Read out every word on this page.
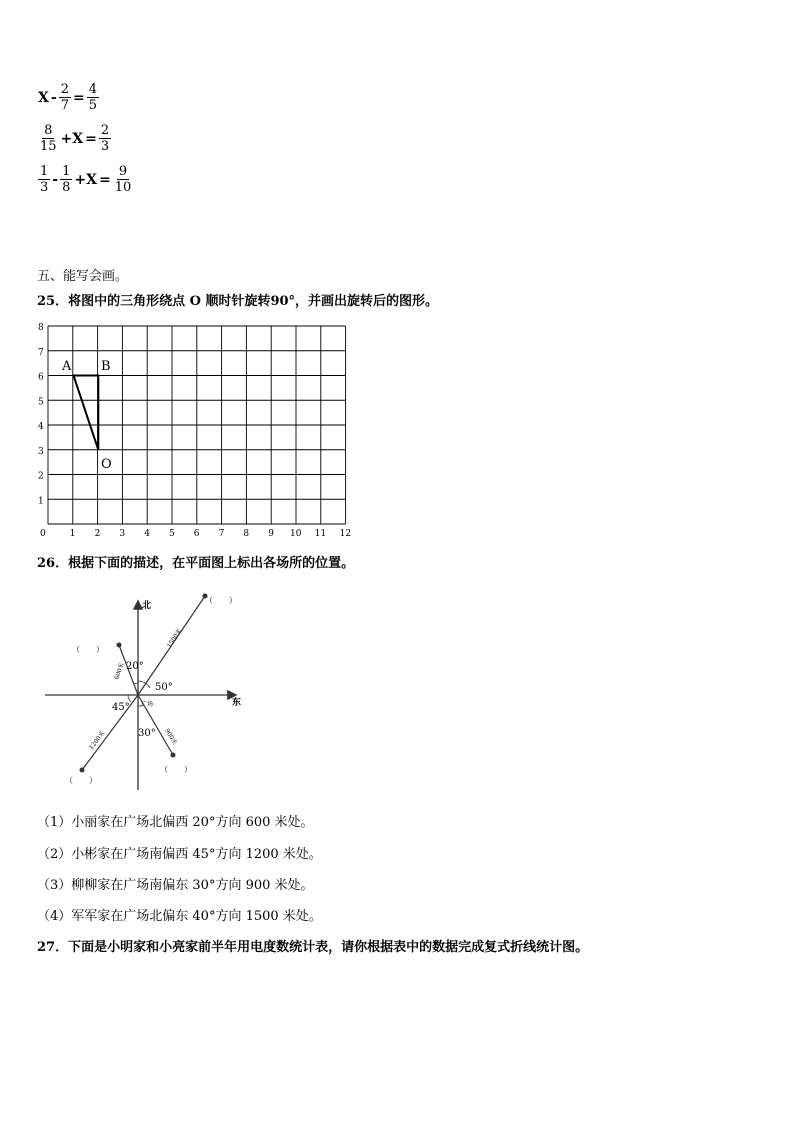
$X - \frac{2}{7} = \frac{4}{5}$
$\frac{8}{15} +X = \frac{2}{3}$
$\frac{1}{3} - \frac{1}{8} +X = \frac{9}{10}$
五、能写会画。
25．将图中的三角形绕点 O 顺时针旋转90°，并画出旋转后的图形。
0	1 2 3 4 5 6 7 8 9 10 11 12
1
2
3
4
5
6
7
8
A B
O
26．根据下面的描述，在平面图上标出各场所的位置。
北
东
1500米
（　　）
600米
（　　）
1200米
（　　）
900米
（　　）
20°
50°
45°
30°
广场
（1）小丽家在广场北偏西 20°方向 600 米处。
（2）小彬家在广场南偏西 45°方向 1200 米处。
（3）柳柳家在广场南偏东 30°方向 900 米处。
（4）军军家在广场北偏东 40°方向 1500 米处。
27．下面是小明家和小亮家前半年用电度数统计表，请你根据表中的数据完成复式折线统计图。
